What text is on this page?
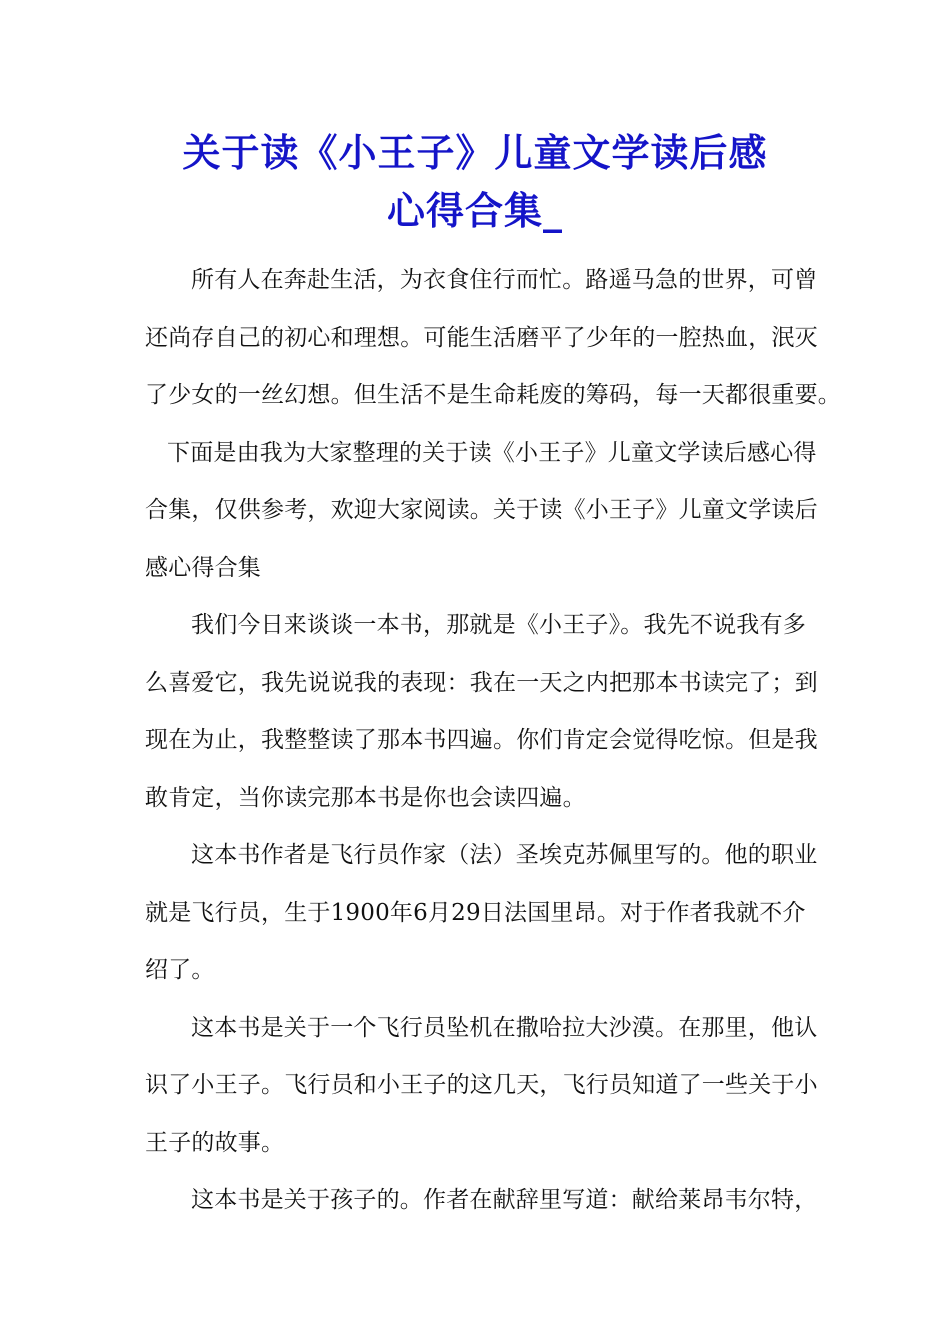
关于读《小王子》儿童文学读后感
心得合集_
所有人在奔赴生活，为衣食住行而忙。路遥马急的世界，可曾
还尚存自己的初心和理想。可能生活磨平了少年的一腔热血，泯灭
了少女的一丝幻想。但生活不是生命耗废的筹码，每一天都很重要。
下面是由我为大家整理的关于读《小王子》儿童文学读后感心得
合集，仅供参考，欢迎大家阅读。关于读《小王子》儿童文学读后
感心得合集
我们今日来谈谈一本书，那就是《小王子》。我先不说我有多
么喜爱它，我先说说我的表现：我在一天之内把那本书读完了；到
现在为止，我整整读了那本书四遍。你们肯定会觉得吃惊。但是我
敢肯定，当你读完那本书是你也会读四遍。
这本书作者是飞行员作家（法）圣埃克苏佩里写的。他的职业
就是飞行员，生于1900年6月29日法国里昂。对于作者我就不介
绍了。
这本书是关于一个飞行员坠机在撒哈拉大沙漠。在那里，他认
识了小王子。飞行员和小王子的这几天，飞行员知道了一些关于小
王子的故事。
这本书是关于孩子的。作者在献辞里写道：献给莱昂韦尔特，
